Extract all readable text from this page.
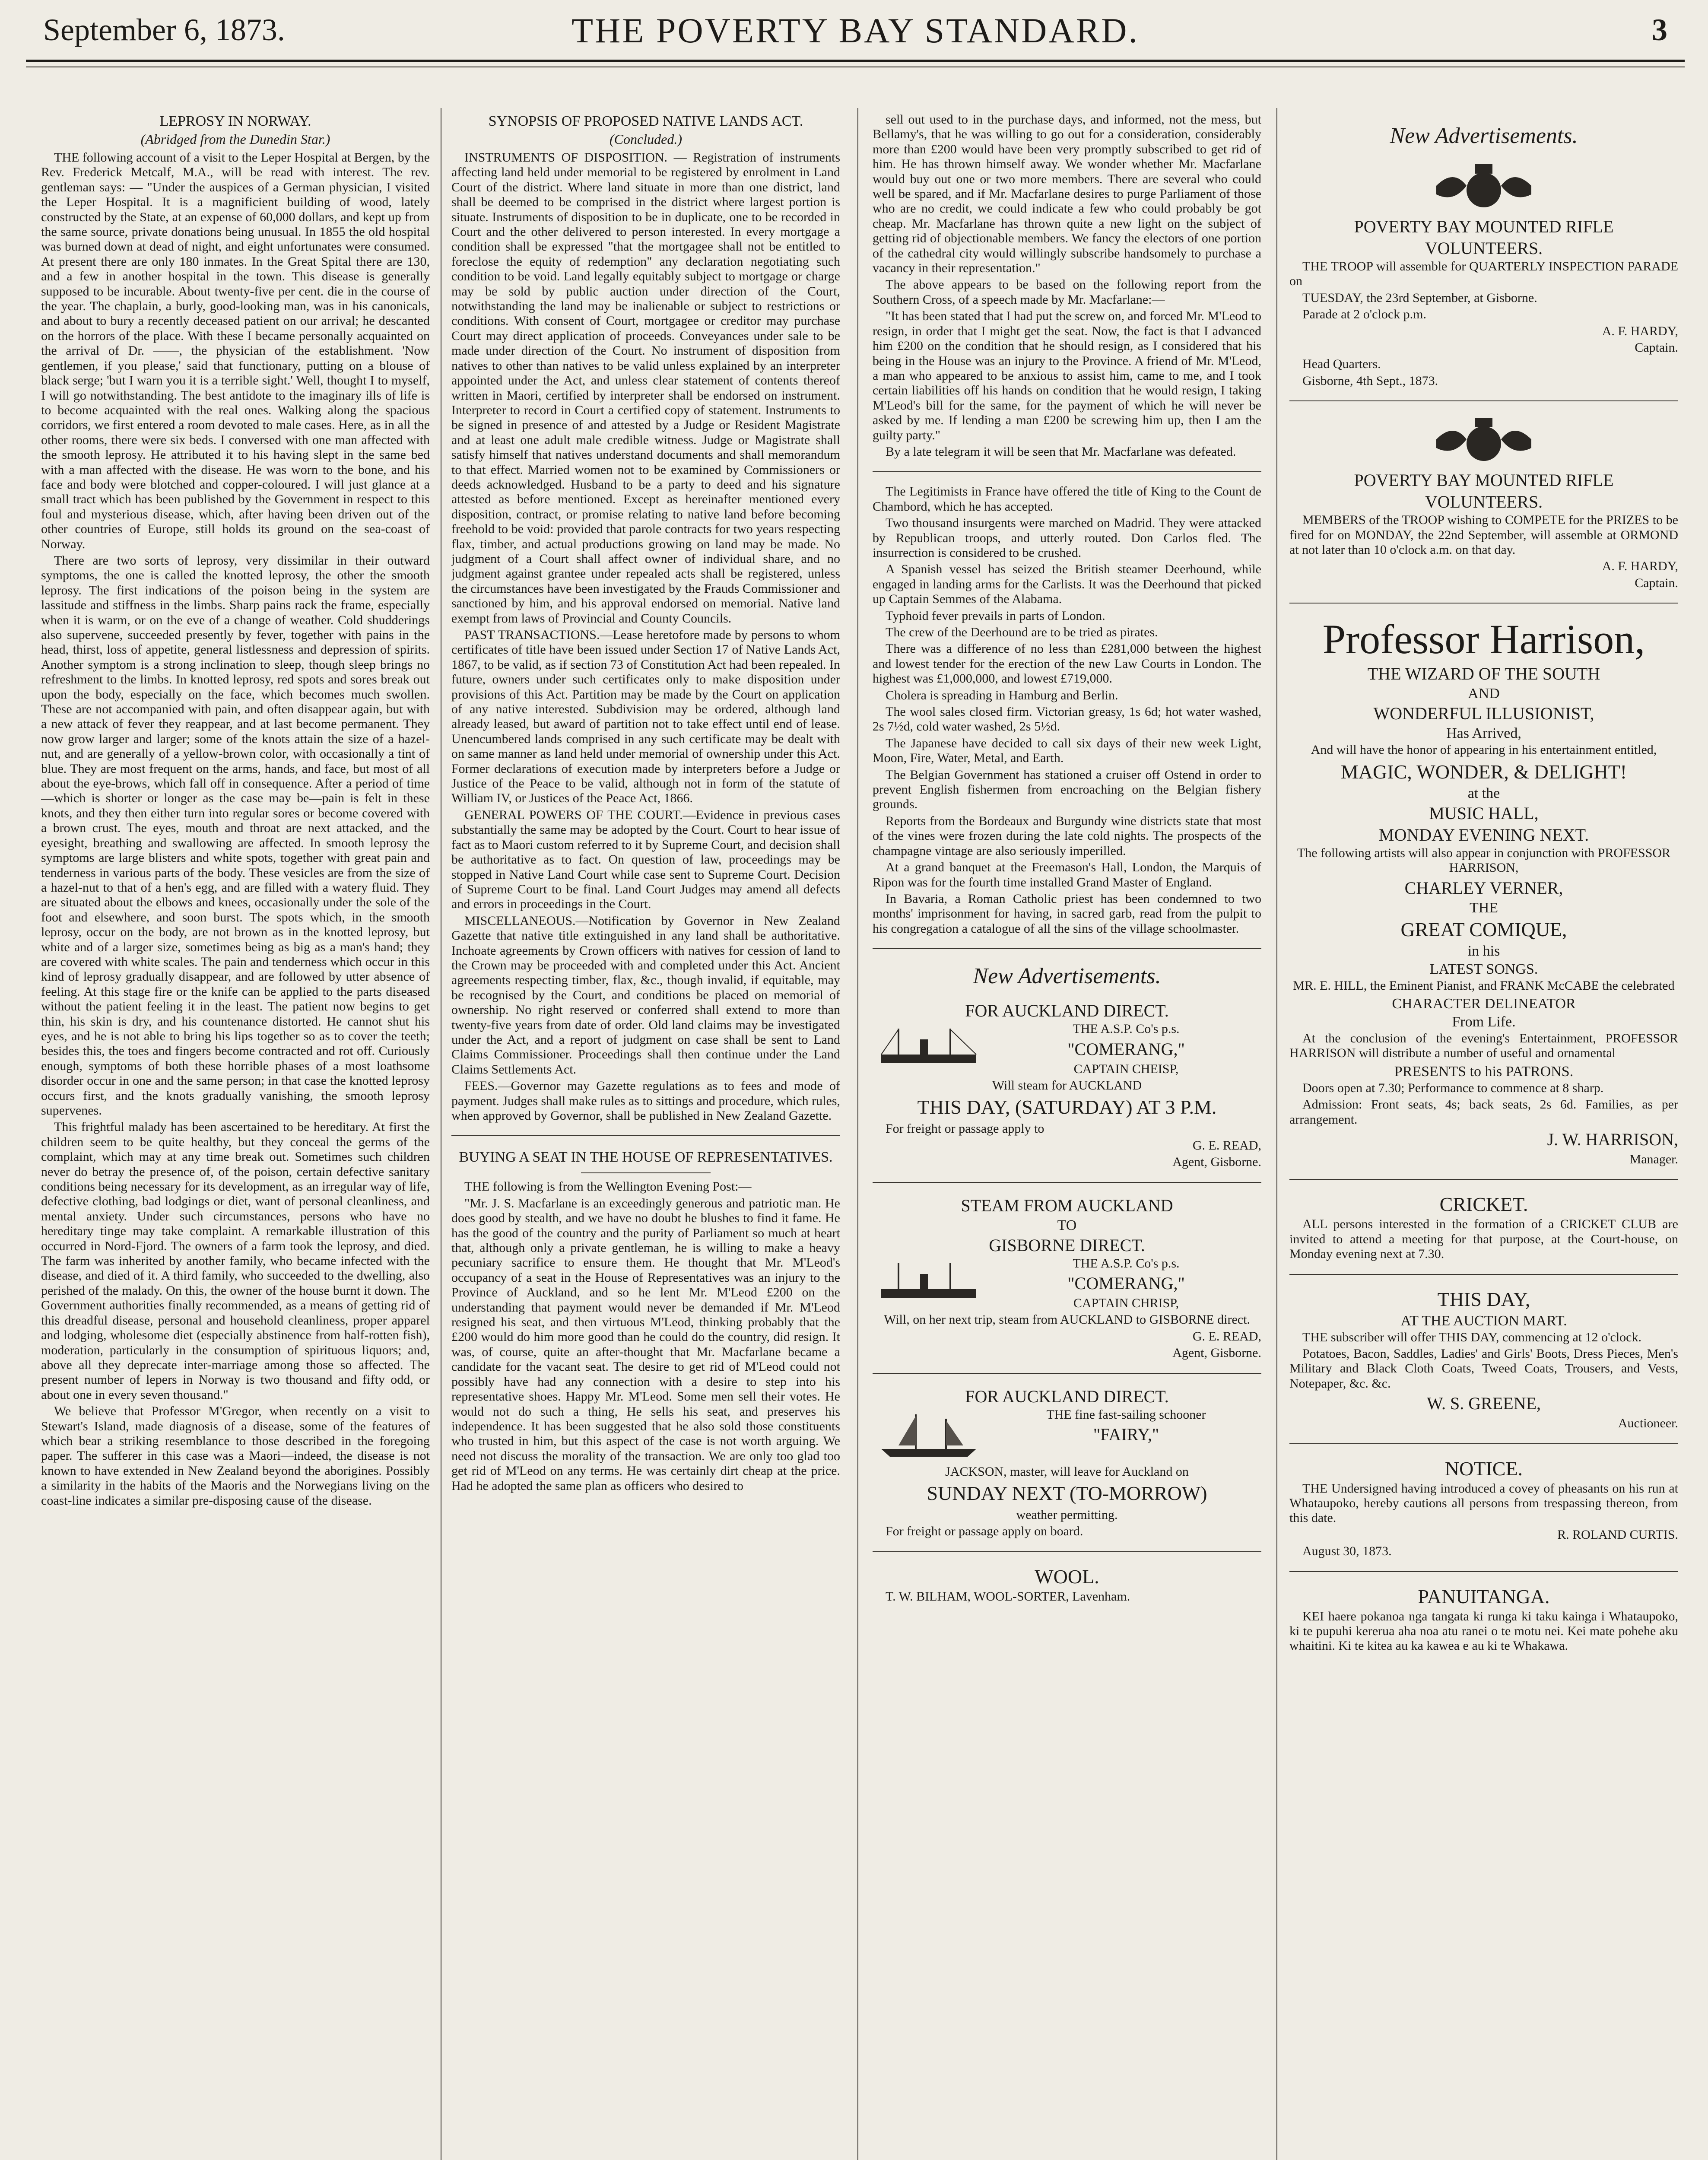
September 6, 1873.	THE POVERTY BAY STANDARD.	3
LEPROSY IN NORWAY.
(Abridged from the Dunedin Star.)

THE following account of a visit to the Leper Hospital at Bergen, by the Rev. Frederick Metcalf, M.A., will be read with interest. The rev. gentleman says: — "Under the auspices of a German physician, I visited the Leper Hospital. It is a magnificient building of wood, lately constructed by the State, at an expense of 60,000 dollars, and kept up from the same source, private donations being unusual. In 1855 the old hospital was burned down at dead of night, and eight unfortunates were consumed. At present there are only 180 inmates. In the Great Spital there are 130, and a few in another hospital in the town. This disease is generally supposed to be incurable. About twenty-five per cent. die in the course of the year. The chaplain, a burly, good-looking man, was in his canonicals, and about to bury a recently deceased patient on our arrival; he descanted on the horrors of the place. With these I became personally acquainted on the arrival of Dr. ——, the physician of the establishment. 'Now gentlemen, if you please,' said that functionary, putting on a blouse of black serge; 'but I warn you it is a terrible sight.' Well, thought I to myself, I will go notwithstanding. The best antidote to the imaginary ills of life is to become acquainted with the real ones. Walking along the spacious corridors, we first entered a room devoted to male cases. Here, as in all the other rooms, there were six beds. I conversed with one man affected with the smooth leprosy. He attributed it to his having slept in the same bed with a man affected with the disease. He was worn to the bone, and his face and body were blotched and copper-coloured. I will just glance at a small tract which has been published by the Government in respect to this foul and mysterious disease, which, after having been driven out of the other countries of Europe, still holds its ground on the sea-coast of Norway.

There are two sorts of leprosy, very dissimilar in their outward symptoms, the one is called the knotted leprosy, the other the smooth leprosy. The first indications of the poison being in the system are lassitude and stiffness in the limbs. Sharp pains rack the frame, especially when it is warm, or on the eve of a change of weather. Cold shudderings also supervene, succeeded presently by fever, together with pains in the head, thirst, loss of appetite, general listlessness and depression of spirits. Another symptom is a strong inclination to sleep, though sleep brings no refreshment to the limbs. In knotted leprosy, red spots and sores break out upon the body, especially on the face, which becomes much swollen. These are not accompanied with pain, and often disappear again, but with a new attack of fever they reappear, and at last become permanent. They now grow larger and larger; some of the knots attain the size of a hazel-nut, and are generally of a yellow-brown color, with occasionally a tint of blue. They are most frequent on the arms, hands, and face, but most of all about the eye-brows, which fall off in consequence. After a period of time—which is shorter or longer as the case may be—pain is felt in these knots, and they then either turn into regular sores or become covered with a brown crust. The eyes, mouth and throat are next attacked, and the eyesight, breathing and swallowing are affected. In smooth leprosy the symptoms are large blisters and white spots, together with great pain and tenderness in various parts of the body. These vesicles are from the size of a hazel-nut to that of a hen's egg, and are filled with a watery fluid. They are situated about the elbows and knees, occasionally under the sole of the foot and elsewhere, and soon burst. The spots which, in the smooth leprosy, occur on the body, are not brown as in the knotted leprosy, but white and of a larger size, sometimes being as big as a man's hand; they are covered with white scales. The pain and tenderness which occur in this kind of leprosy gradually disappear, and are followed by utter absence of feeling. At this stage fire or the knife can be applied to the parts diseased without the patient feeling it in the least. The patient now begins to get thin, his skin is dry, and his countenance distorted. He cannot shut his eyes, and he is not able to bring his lips together so as to cover the teeth; besides this, the toes and fingers become contracted and rot off. Curiously enough, symptoms of both these horrible phases of a most loathsome disorder occur in one and the same person; in that case the knotted leprosy occurs first, and the knots gradually vanishing, the smooth leprosy supervenes.

This frightful malady has been ascertained to be hereditary. At first the children seem to be quite healthy, but they conceal the germs of the complaint, which may at any time break out. Sometimes such children never do betray the presence of, of the poison, certain defective sanitary conditions being necessary for its development, as an irregular way of life, defective clothing, bad lodgings or diet, want of personal cleanliness, and mental anxiety. Under such circumstances, persons who have no hereditary tinge may take complaint. A remarkable illustration of this occurred in Nord-Fjord. The owners of a farm took the leprosy, and died. The farm was inherited by another family, who became infected with the disease, and died of it. A third family, who succeeded to the dwelling, also perished of the malady. On this, the owner of the house burnt it down. The Government authorities finally recommended, as a means of getting rid of this dreadful disease, personal and household cleanliness, proper apparel and lodging, wholesome diet (especially abstinence from half-rotten fish), moderation, particularly in the consumption of spirituous liquors; and, above all they deprecate inter-marriage among those so affected. The present number of lepers in Norway is two thousand and fifty odd, or about one in every seven thousand."

We believe that Professor M'Gregor, when recently on a visit to Stewart's Island, made diagnosis of a disease, some of the features of which bear a striking resemblance to those described in the foregoing paper. The sufferer in this case was a Maori—indeed, the disease is not known to have extended in New Zealand beyond the aborigines. Possibly a similarity in the habits of the Maoris and the Norwegians living on the coast-line indicates a similar pre-disposing cause of the disease.

SYNOPSIS OF PROPOSED NATIVE LANDS ACT.
(Concluded.)

INSTRUMENTS OF DISPOSITION. — Registration of instruments affecting land held under memorial to be registered by enrolment in Land Court of the district. Where land situate in more than one district, land shall be deemed to be comprised in the district where largest portion is situate. Instruments of disposition to be in duplicate, one to be recorded in Court and the other delivered to person interested. In every mortgage a condition shall be expressed "that the mortgagee shall not be entitled to foreclose the equity of redemption" any declaration negotiating such condition to be void. Land legally equitably subject to mortgage or charge may be sold by public auction under direction of the Court, notwithstanding the land may be inalienable or subject to restrictions or conditions. With consent of Court, mortgagee or creditor may purchase Court may direct application of proceeds. Conveyances under sale to be made under direction of the Court. No instrument of disposition from natives to other than natives to be valid unless explained by an interpreter appointed under the Act, and unless clear statement of contents thereof written in Maori, certified by interpreter shall be endorsed on instrument. Interpreter to record in Court a certified copy of statement. Instruments to be signed in presence of and attested by a Judge or Resident Magistrate and at least one adult male credible witness. Judge or Magistrate shall satisfy himself that natives understand documents and shall memorandum to that effect. Married women not to be examined by Commissioners or deeds acknowledged. Husband to be a party to deed and his signature attested as before mentioned. Except as hereinafter mentioned every disposition, contract, or promise relating to native land before becoming freehold to be void: provided that parole contracts for two years respecting flax, timber, and actual productions growing on land may be made. No judgment of a Court shall affect owner of individual share, and no judgment against grantee under repealed acts shall be registered, unless the circumstances have been investigated by the Frauds Commissioner and sanctioned by him, and his approval endorsed on memorial. Native land exempt from laws of Provincial and County Councils.

PAST TRANSACTIONS.—Lease heretofore made by persons to whom certificates of title have been issued under Section 17 of Native Lands Act, 1867, to be valid, as if section 73 of Constitution Act had been repealed. In future, owners under such certificates only to make disposition under provisions of this Act. Partition may be made by the Court on application of any native interested. Subdivision may be ordered, although land already leased, but award of partition not to take effect until end of lease. Unencumbered lands comprised in any such certificate may be dealt with on same manner as land held under memorial of ownership under this Act. Former declarations of execution made by interpreters before a Judge or Justice of the Peace to be valid, although not in form of the statute of William IV, or Justices of the Peace Act, 1866.

GENERAL POWERS OF THE COURT.—Evidence in previous cases substantially the same may be adopted by the Court. Court to hear issue of fact as to Maori custom referred to it by Supreme Court, and decision shall be authoritative as to fact. On question of law, proceedings may be stopped in Native Land Court while case sent to Supreme Court. Decision of Supreme Court to be final. Land Court Judges may amend all defects and errors in proceedings in the Court.

MISCELLANEOUS.—Notification by Governor in New Zealand Gazette that native title extinguished in any land shall be authoritative. Inchoate agreements by Crown officers with natives for cession of land to the Crown may be proceeded with and completed under this Act. Ancient agreements respecting timber, flax, &c., though invalid, if equitable, may be recognised by the Court, and conditions be placed on memorial of ownership. No right reserved or conferred shall extend to more than twenty-five years from date of order. Old land claims may be investigated under the Act, and a report of judgment on case shall be sent to Land Claims Commissioner. Proceedings shall then continue under the Land Claims Settlements Act.

FEES.—Governor may Gazette regulations as to fees and mode of payment. Judges shall make rules as to sittings and procedure, which rules, when approved by Governor, shall be published in New Zealand Gazette.

BUYING A SEAT IN THE HOUSE OF REPRESENTATIVES.

THE following is from the Wellington Evening Post:—

"Mr. J. S. Macfarlane is an exceedingly generous and patriotic man. He does good by stealth, and we have no doubt he blushes to find it fame. He has the good of the country and the purity of Parliament so much at heart that, although only a private gentleman, he is willing to make a heavy pecuniary sacrifice to ensure them. He thought that Mr. M'Leod's occupancy of a seat in the House of Representatives was an injury to the Province of Auckland, and so he lent Mr. M'Leod £200 on the understanding that payment would never be demanded if Mr. M'Leod resigned his seat, and then virtuous M'Leod, thinking probably that the £200 would do him more good than he could do the country, did resign. It was, of course, quite an after-thought that Mr. Macfarlane became a candidate for the vacant seat. The desire to get rid of M'Leod could not possibly have had any connection with a desire to step into his representative shoes. Happy Mr. M'Leod. Some men sell their votes. He would not do such a thing, He sells his seat, and preserves his independence. It has been suggested that he also sold those constituents who trusted in him, but this aspect of the case is not worth arguing. We need not discuss the morality of the transaction. We are only too glad too get rid of M'Leod on any terms. He was certainly dirt cheap at the price. Had he adopted the same plan as officers who desired to

sell out used to in the purchase days, and informed, not the mess, but Bellamy's, that he was willing to go out for a consideration, considerably more than £200 would have been very promptly subscribed to get rid of him. He has thrown himself away. We wonder whether Mr. Macfarlane would buy out one or two more members. There are several who could well be spared, and if Mr. Macfarlane desires to purge Parliament of those who are no credit, we could indicate a few who could probably be got cheap. Mr. Macfarlane has thrown quite a new light on the subject of getting rid of objectionable members. We fancy the electors of one portion of the cathedral city would willingly subscribe handsomely to purchase a vacancy in their representation."

The above appears to be based on the following report from the Southern Cross, of a speech made by Mr. Macfarlane:—

"It has been stated that I had put the screw on, and forced Mr. M'Leod to resign, in order that I might get the seat. Now, the fact is that I advanced him £200 on the condition that he should resign, as I considered that his being in the House was an injury to the Province. A friend of Mr. M'Leod, a man who appeared to be anxious to assist him, came to me, and I took certain liabilities off his hands on condition that he would resign, I taking M'Leod's bill for the same, for the payment of which he will never be asked by me. If lending a man £200 be screwing him up, then I am the guilty party."

By a late telegram it will be seen that Mr. Macfarlane was defeated.

The Legitimists in France have offered the title of King to the Count de Chambord, which he has accepted.

Two thousand insurgents were marched on Madrid. They were attacked by Republican troops, and utterly routed. Don Carlos fled. The insurrection is considered to be crushed.

A Spanish vessel has seized the British steamer Deerhound, while engaged in landing arms for the Carlists. It was the Deerhound that picked up Captain Semmes of the Alabama.

Typhoid fever prevails in parts of London.

The crew of the Deerhound are to be tried as pirates.

There was a difference of no less than £281,000 between the highest and lowest tender for the erection of the new Law Courts in London. The highest was £1,000,000, and lowest £719,000.

Cholera is spreading in Hamburg and Berlin.

The wool sales closed firm. Victorian greasy, 1s 6d; hot water washed, 2s 7½d, cold water washed, 2s 5½d.

The Japanese have decided to call six days of their new week Light, Moon, Fire, Water, Metal, and Earth.

The Belgian Government has stationed a cruiser off Ostend in order to prevent English fishermen from encroaching on the Belgian fishery grounds.

Reports from the Bordeaux and Burgundy wine districts state that most of the vines were frozen during the late cold nights. The prospects of the champagne vintage are also seriously imperilled.

At a grand banquet at the Freemason's Hall, London, the Marquis of Ripon was for the fourth time installed Grand Master of England.

In Bavaria, a Roman Catholic priest has been condemned to two months' imprisonment for having, in sacred garb, read from the pulpit to his congregation a catalogue of all the sins of the village schoolmaster.

New Advertisements.
FOR AUCKLAND DIRECT.

THE A.S.P. Co's p.s.

"COMERANG,"

CAPTAIN CHEISP,

Will steam for AUCKLAND

THIS DAY, (SATURDAY) AT 3 P.M.

For freight or passage apply to

G. E. READ,

Agent, Gisborne.

STEAM FROM AUCKLAND
TO
GISBORNE DIRECT.

THE A.S.P. Co's p.s.

"COMERANG,"

CAPTAIN CHRISP,

Will, on her next trip, steam from AUCKLAND to GISBORNE direct.

G. E. READ,

Agent, Gisborne.

FOR AUCKLAND DIRECT.

THE fine fast-sailing schooner

"FAIRY,"

JACKSON, master, will leave for Auckland on

SUNDAY NEXT (TO-MORROW)

weather permitting.

For freight or passage apply on board.

WOOL.

T. W. BILHAM, WOOL-SORTER, Lavenham.

New Advertisements.
POVERTY BAY MOUNTED RIFLE
VOLUNTEERS.

THE TROOP will assemble for QUARTERLY INSPECTION PARADE on

TUESDAY, the 23rd September, at Gisborne.

Parade at 2 o'clock p.m.

A. F. HARDY,

Captain.

Head Quarters.

Gisborne, 4th Sept., 1873.

POVERTY BAY MOUNTED RIFLE
VOLUNTEERS.

MEMBERS of the TROOP wishing to COMPETE for the PRIZES to be fired for on MONDAY, the 22nd September, will assemble at ORMOND at not later than 10 o'clock a.m. on that day.

A. F. HARDY,

Captain.

Professor Harrison,
THE WIZARD OF THE SOUTH
AND
WONDERFUL ILLUSIONIST,
Has Arrived,

And will have the honor of appearing in his entertainment entitled,

MAGIC, WONDER, & DELIGHT!
at the
MUSIC HALL,
MONDAY EVENING NEXT.

The following artists will also appear in conjunction with PROFESSOR HARRISON,

CHARLEY VERNER,
THE
GREAT COMIQUE,
in his
LATEST SONGS.

MR. E. HILL, the Eminent Pianist, and FRANK McCABE the celebrated

CHARACTER DELINEATOR
From Life.

At the conclusion of the evening's Entertainment, PROFESSOR HARRISON will distribute a number of useful and ornamental

PRESENTS to his PATRONS.

Doors open at 7.30; Performance to commence at 8 sharp.

Admission: Front seats, 4s; back seats, 2s 6d. Families, as per arrangement.

J. W. HARRISON,

Manager.

CRICKET.

ALL persons interested in the formation of a CRICKET CLUB are invited to attend a meeting for that purpose, at the Court-house, on Monday evening next at 7.30.

THIS DAY,
AT THE AUCTION MART.

THE subscriber will offer THIS DAY, commencing at 12 o'clock.

Potatoes, Bacon, Saddles, Ladies' and Girls' Boots, Dress Pieces, Men's Military and Black Cloth Coats, Tweed Coats, Trousers, and Vests, Notepaper, &c. &c.

W. S. GREENE,

Auctioneer.

NOTICE.

THE Undersigned having introduced a covey of pheasants on his run at Whataupoko, hereby cautions all persons from trespassing thereon, from this date.

R. ROLAND CURTIS.

August 30, 1873.

PANUITANGA.

KEI haere pokanoa nga tangata ki runga ki taku kainga i Whataupoko, ki te pupuhi kererua aha noa atu ranei o te motu nei. Kei mate pohehe aku whaitini. Ki te kitea au ka kawea e au ki te Whakawa.
